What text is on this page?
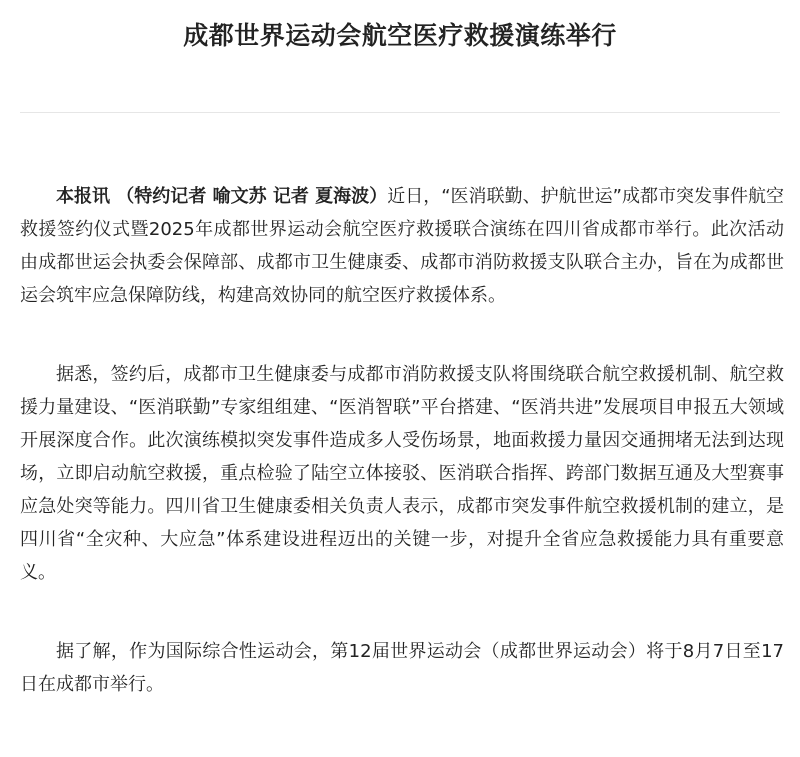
成都世界运动会航空医疗救援演练举行

本报讯 （特约记者 喻文苏 记者 夏海波）近日，“医消联勤、护航世运”成都市突发事件航空救援签约仪式暨2025年成都世界运动会航空医疗救援联合演练在四川省成都市举行。此次活动由成都世运会执委会保障部、成都市卫生健康委、成都市消防救援支队联合主办，旨在为成都世运会筑牢应急保障防线，构建高效协同的航空医疗救援体系。

据悉，签约后，成都市卫生健康委与成都市消防救援支队将围绕联合航空救援机制、航空救援力量建设、“医消联勤”专家组组建、“医消智联”平台搭建、“医消共进”发展项目申报五大领域开展深度合作。此次演练模拟突发事件造成多人受伤场景，地面救援力量因交通拥堵无法到达现场，立即启动航空救援，重点检验了陆空立体接驳、医消联合指挥、跨部门数据互通及大型赛事应急处突等能力。四川省卫生健康委相关负责人表示，成都市突发事件航空救援机制的建立，是四川省“全灾种、大应急”体系建设进程迈出的关键一步，对提升全省应急救援能力具有重要意义。

据了解，作为国际综合性运动会，第12届世界运动会（成都世界运动会）将于8月7日至17日在成都市举行。
